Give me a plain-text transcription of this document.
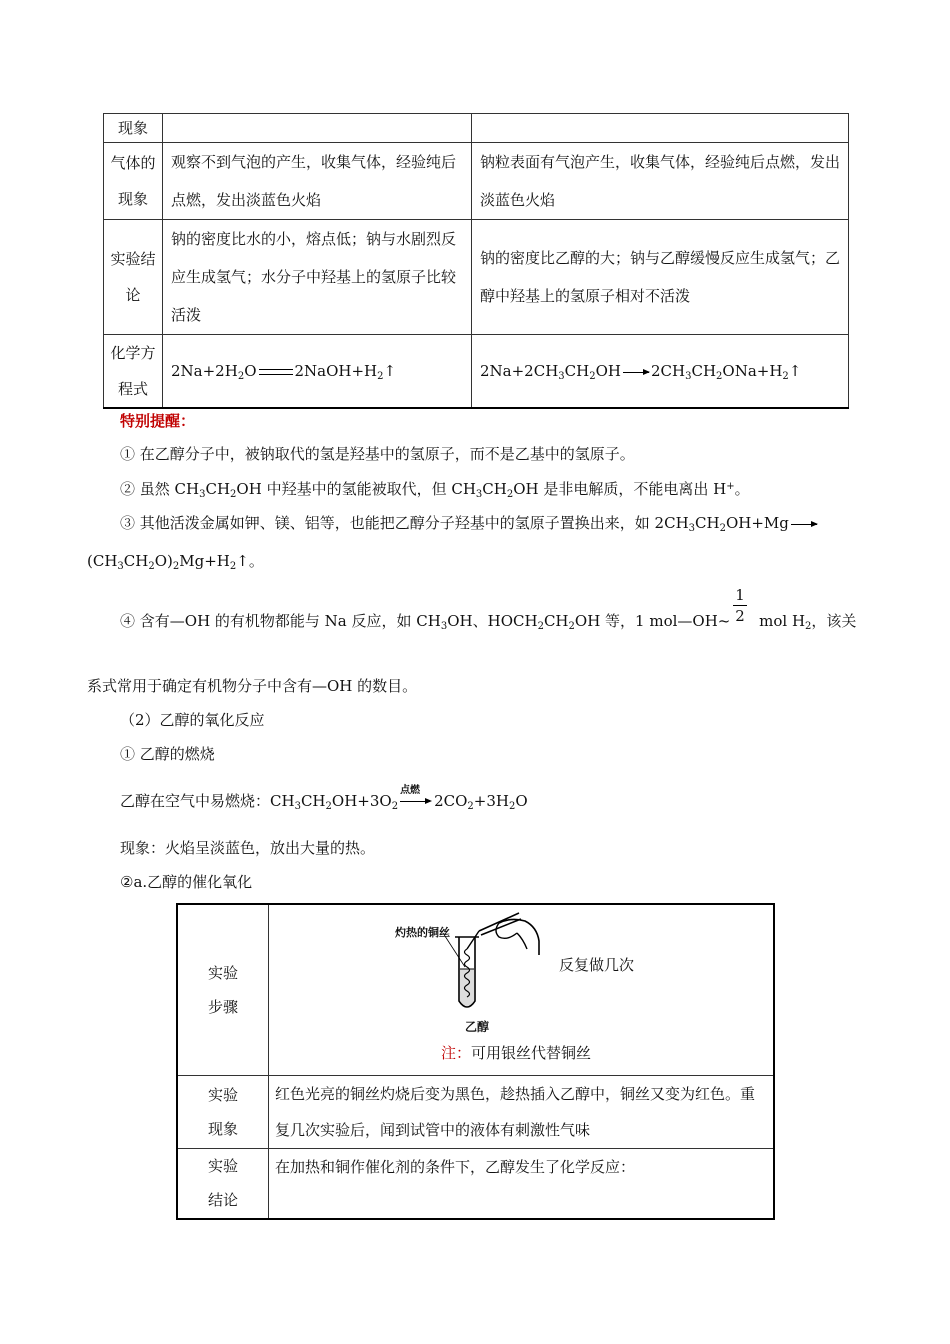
现象		
气体的现象	观察不到气泡的产生，收集气体，经验纯后点燃，发出淡蓝色火焰	钠粒表面有气泡产生，收集气体，经验纯后点燃，发出淡蓝色火焰
实验结论	钠的密度比水的小，熔点低；钠与水剧烈反应生成氢气；水分子中羟基上的氢原子比较活泼	钠的密度比乙醇的大；钠与乙醇缓慢反应生成氢气；乙醇中羟基上的氢原子相对不活泼
化学方程式	$2Na+2H_2O$ $2NaOH+H_2↑$	$2Na+2CH_3CH_2OH$ $2CH_3CH_2ONa+H_2↑$
特别提醒：
① 在乙醇分子中，被钠取代的氢是羟基中的氢原子，而不是乙基中的氢原子。
② 虽然 $CH_3CH_2OH$ 中羟基中的氢能被取代，但 $CH_3CH_2OH$ 是非电解质，不能电离出 H+。
③ 其他活泼金属如钾、镁、铝等，也能把乙醇分子羟基中的氢原子置换出来，如 $2CH_3CH_2OH+Mg$
$(CH_3CH_2O)_2Mg+H_2↑$。
④ 含有—OH 的有机物都能与 Na 反应，如 $CH_3OH$、$HOCH_2CH_2OH$ 等，1 mol—OH~ mol $H_2$，该关
$\frac{1}{2}$
系式常用于确定有机物分子中含有—OH 的数目。
（2）乙醇的氧化反应
① 乙醇的燃烧
乙醇在空气中易燃烧：$CH_3CH_2OH+3O_2$
点燃
$2CO_2+3H_2O$
现象：火焰呈淡蓝色，放出大量的热。
②a.乙醇的催化氧化
实验步骤	灼热的铜丝
乙醇
反复做几次
注：可用银丝代替铜丝

实验现象	红色光亮的铜丝灼烧后变为黑色，趁热插入乙醇中，铜丝又变为红色。重复几次实验后，闻到试管中的液体有刺激性气味
实验结论	在加热和铜作催化剂的条件下，乙醇发生了化学反应：
